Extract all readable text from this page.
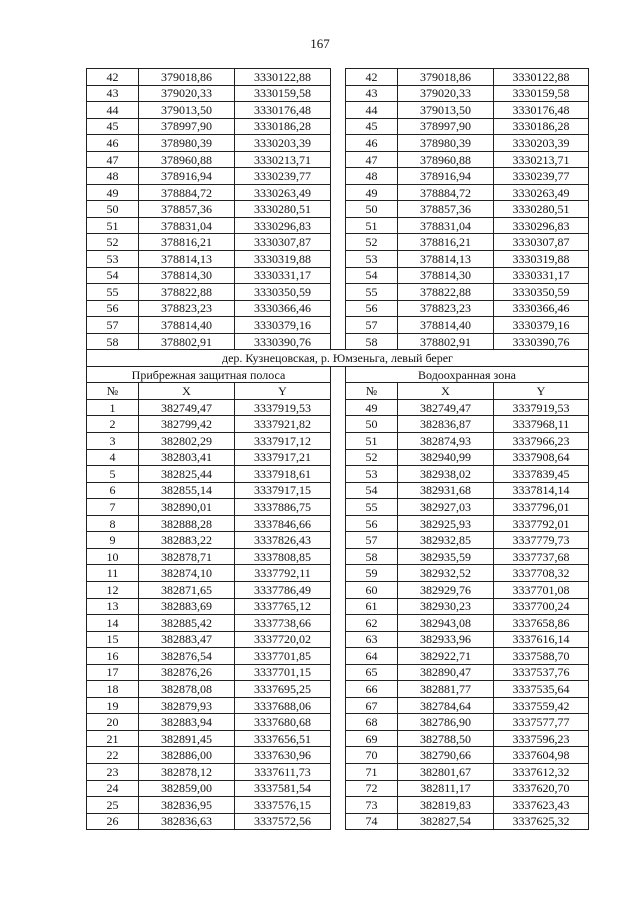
167
42	379018,86	3330122,88		42	379018,86	3330122,88
43	379020,33	3330159,58		43	379020,33	3330159,58
44	379013,50	3330176,48		44	379013,50	3330176,48
45	378997,90	3330186,28		45	378997,90	3330186,28
46	378980,39	3330203,39		46	378980,39	3330203,39
47	378960,88	3330213,71		47	378960,88	3330213,71
48	378916,94	3330239,77		48	378916,94	3330239,77
49	378884,72	3330263,49		49	378884,72	3330263,49
50	378857,36	3330280,51		50	378857,36	3330280,51
51	378831,04	3330296,83		51	378831,04	3330296,83
52	378816,21	3330307,87		52	378816,21	3330307,87
53	378814,13	3330319,88		53	378814,13	3330319,88
54	378814,30	3330331,17		54	378814,30	3330331,17
55	378822,88	3330350,59		55	378822,88	3330350,59
56	378823,23	3330366,46		56	378823,23	3330366,46
57	378814,40	3330379,16		57	378814,40	3330379,16
58	378802,91	3330390,76		58	378802,91	3330390,76
дер. Кузнецовская, р. Юмзеньга, левый берег						
Прибрежная защитная полоса				Водоохранная зона		
№	X	Y		№	X	Y
1	382749,47	3337919,53		49	382749,47	3337919,53
2	382799,42	3337921,82		50	382836,87	3337968,11
3	382802,29	3337917,12		51	382874,93	3337966,23
4	382803,41	3337917,21		52	382940,99	3337908,64
5	382825,44	3337918,61		53	382938,02	3337839,45
6	382855,14	3337917,15		54	382931,68	3337814,14
7	382890,01	3337886,75		55	382927,03	3337796,01
8	382888,28	3337846,66		56	382925,93	3337792,01
9	382883,22	3337826,43		57	382932,85	3337779,73
10	382878,71	3337808,85		58	382935,59	3337737,68
11	382874,10	3337792,11		59	382932,52	3337708,32
12	382871,65	3337786,49		60	382929,76	3337701,08
13	382883,69	3337765,12		61	382930,23	3337700,24
14	382885,42	3337738,66		62	382943,08	3337658,86
15	382883,47	3337720,02		63	382933,96	3337616,14
16	382876,54	3337701,85		64	382922,71	3337588,70
17	382876,26	3337701,15		65	382890,47	3337537,76
18	382878,08	3337695,25		66	382881,77	3337535,64
19	382879,93	3337688,06		67	382784,64	3337559,42
20	382883,94	3337680,68		68	382786,90	3337577,77
21	382891,45	3337656,51		69	382788,50	3337596,23
22	382886,00	3337630,96		70	382790,66	3337604,98
23	382878,12	3337611,73		71	382801,67	3337612,32
24	382859,00	3337581,54		72	382811,17	3337620,70
25	382836,95	3337576,15		73	382819,83	3337623,43
26	382836,63	3337572,56		74	382827,54	3337625,32
